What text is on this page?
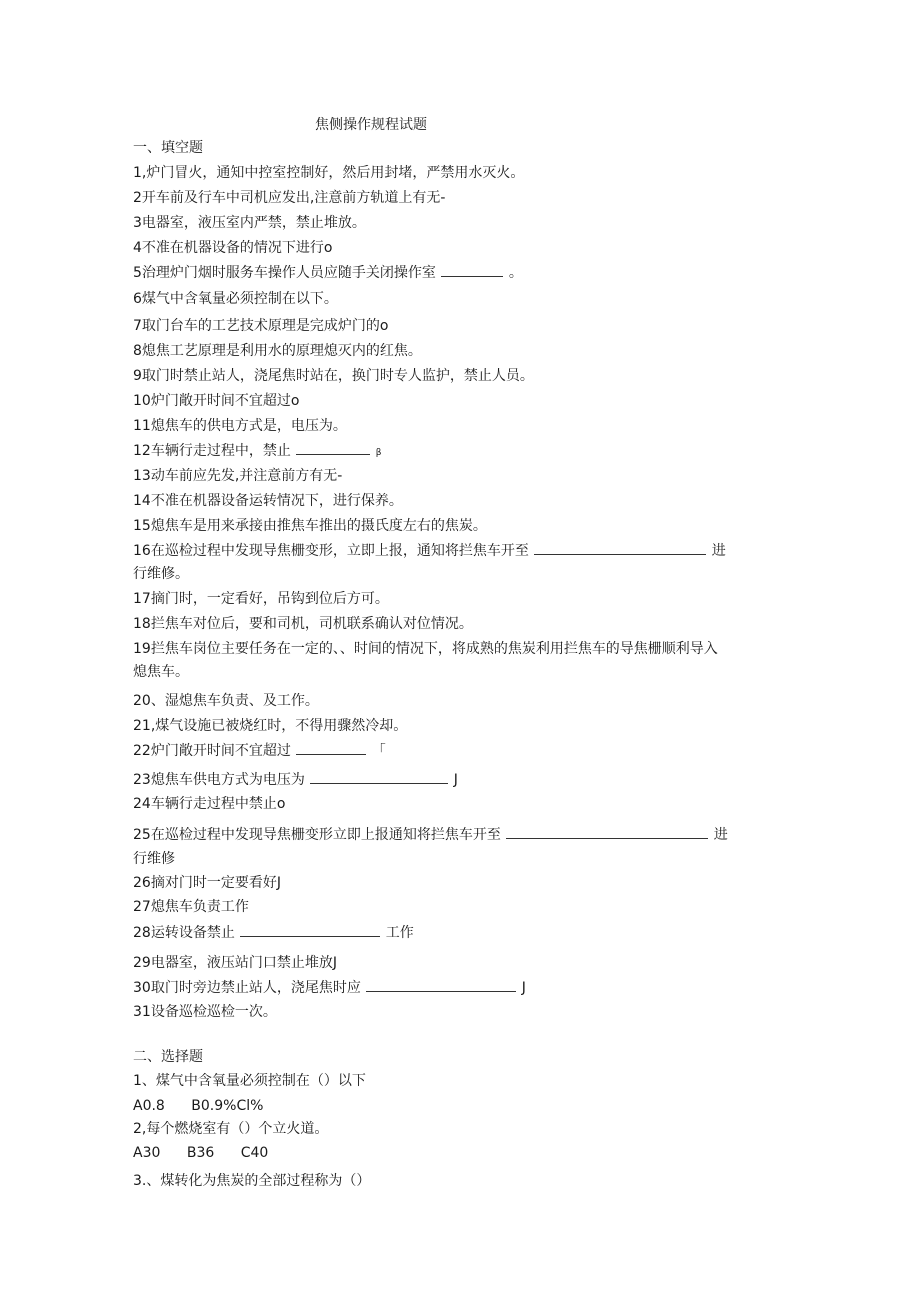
焦侧操作规程试题

一、填空题

1,炉门冒火，通知中控室控制好，然后用封堵，严禁用水灭火。

2开车前及行车中司机应发出,注意前方轨道上有无-

3电器室，液压室内严禁，禁止堆放。

4不准在机器设备的情况下进行o

5治理炉门烟时服务车操作人员应随手关闭操作室	。

6煤气中含氧量必须控制在以下。

7取门台车的工艺技术原理是完成炉门的o

8熄焦工艺原理是利用水的原理熄灭内的红焦。

9取门时禁止站人，浇尾焦时站在，换门时专人监护，禁止人员。

10炉门敞开时间不宜超过o

11熄焦车的供电方式是，电压为。

12车辆行走过程中，禁止	β

13动车前应先发,并注意前方有无-

14不准在机器设备运转情况下，进行保养。

15熄焦车是用来承接由推焦车推出的摄氏度左右的焦炭。

16在巡检过程中发现导焦栅变形，立即上报，通知将拦焦车开至	进

行维修。

17摘门时，一定看好，吊钩到位后方可。

18拦焦车对位后，要和司机，司机联系确认对位情况。

19拦焦车岗位主要任务在一定的、、时间的情况下，将成熟的焦炭利用拦焦车的导焦栅顺利导入

熄焦车。

20、湿熄焦车负责、及工作。

21,煤气设施已被烧红时，不得用骤然冷却。

22炉门敞开时间不宜超过	「

23熄焦车供电方式为电压为	J

24车辆行走过程中禁止o

25在巡检过程中发现导焦栅变形立即上报通知将拦焦车开至	进

行维修

26摘对门时一定要看好J

27熄焦车负责工作

28运转设备禁止	工作

29电器室，液压站门口禁止堆放J

30取门时旁边禁止站人，浇尾焦时应	J

31设备巡检巡检一次。

二、选择题

1、煤气中含氧量必须控制在（）以下

A0.8 B0.9%Cl%

2,每个燃烧室有（）个立火道。

A30 B36 C40

3.、煤转化为焦炭的全部过程称为（）
